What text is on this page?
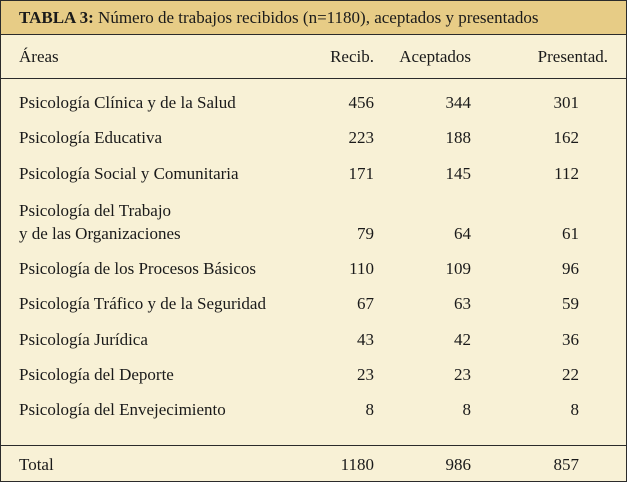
TABLA 3: Número de trabajos recibidos (n=1180), aceptados y presentados
Áreas	Recib. Aceptados	Presentad.
Psicología Clínica y de la Salud	456	344	301
Psicología Educativa	223	188	162
Psicología Social y Comunitaria	171	145	112
Psicología del Trabajo
y de las Organizaciones	79	64	61
Psicología de los Procesos Básicos	110	109	96
Psicología Tráfico y de la Seguridad	67	63	59
Psicología Jurídica	43	42	36
Psicología del Deporte	23	23	22
Psicología del Envejecimiento	8	8	8
Total	1180	986	857
